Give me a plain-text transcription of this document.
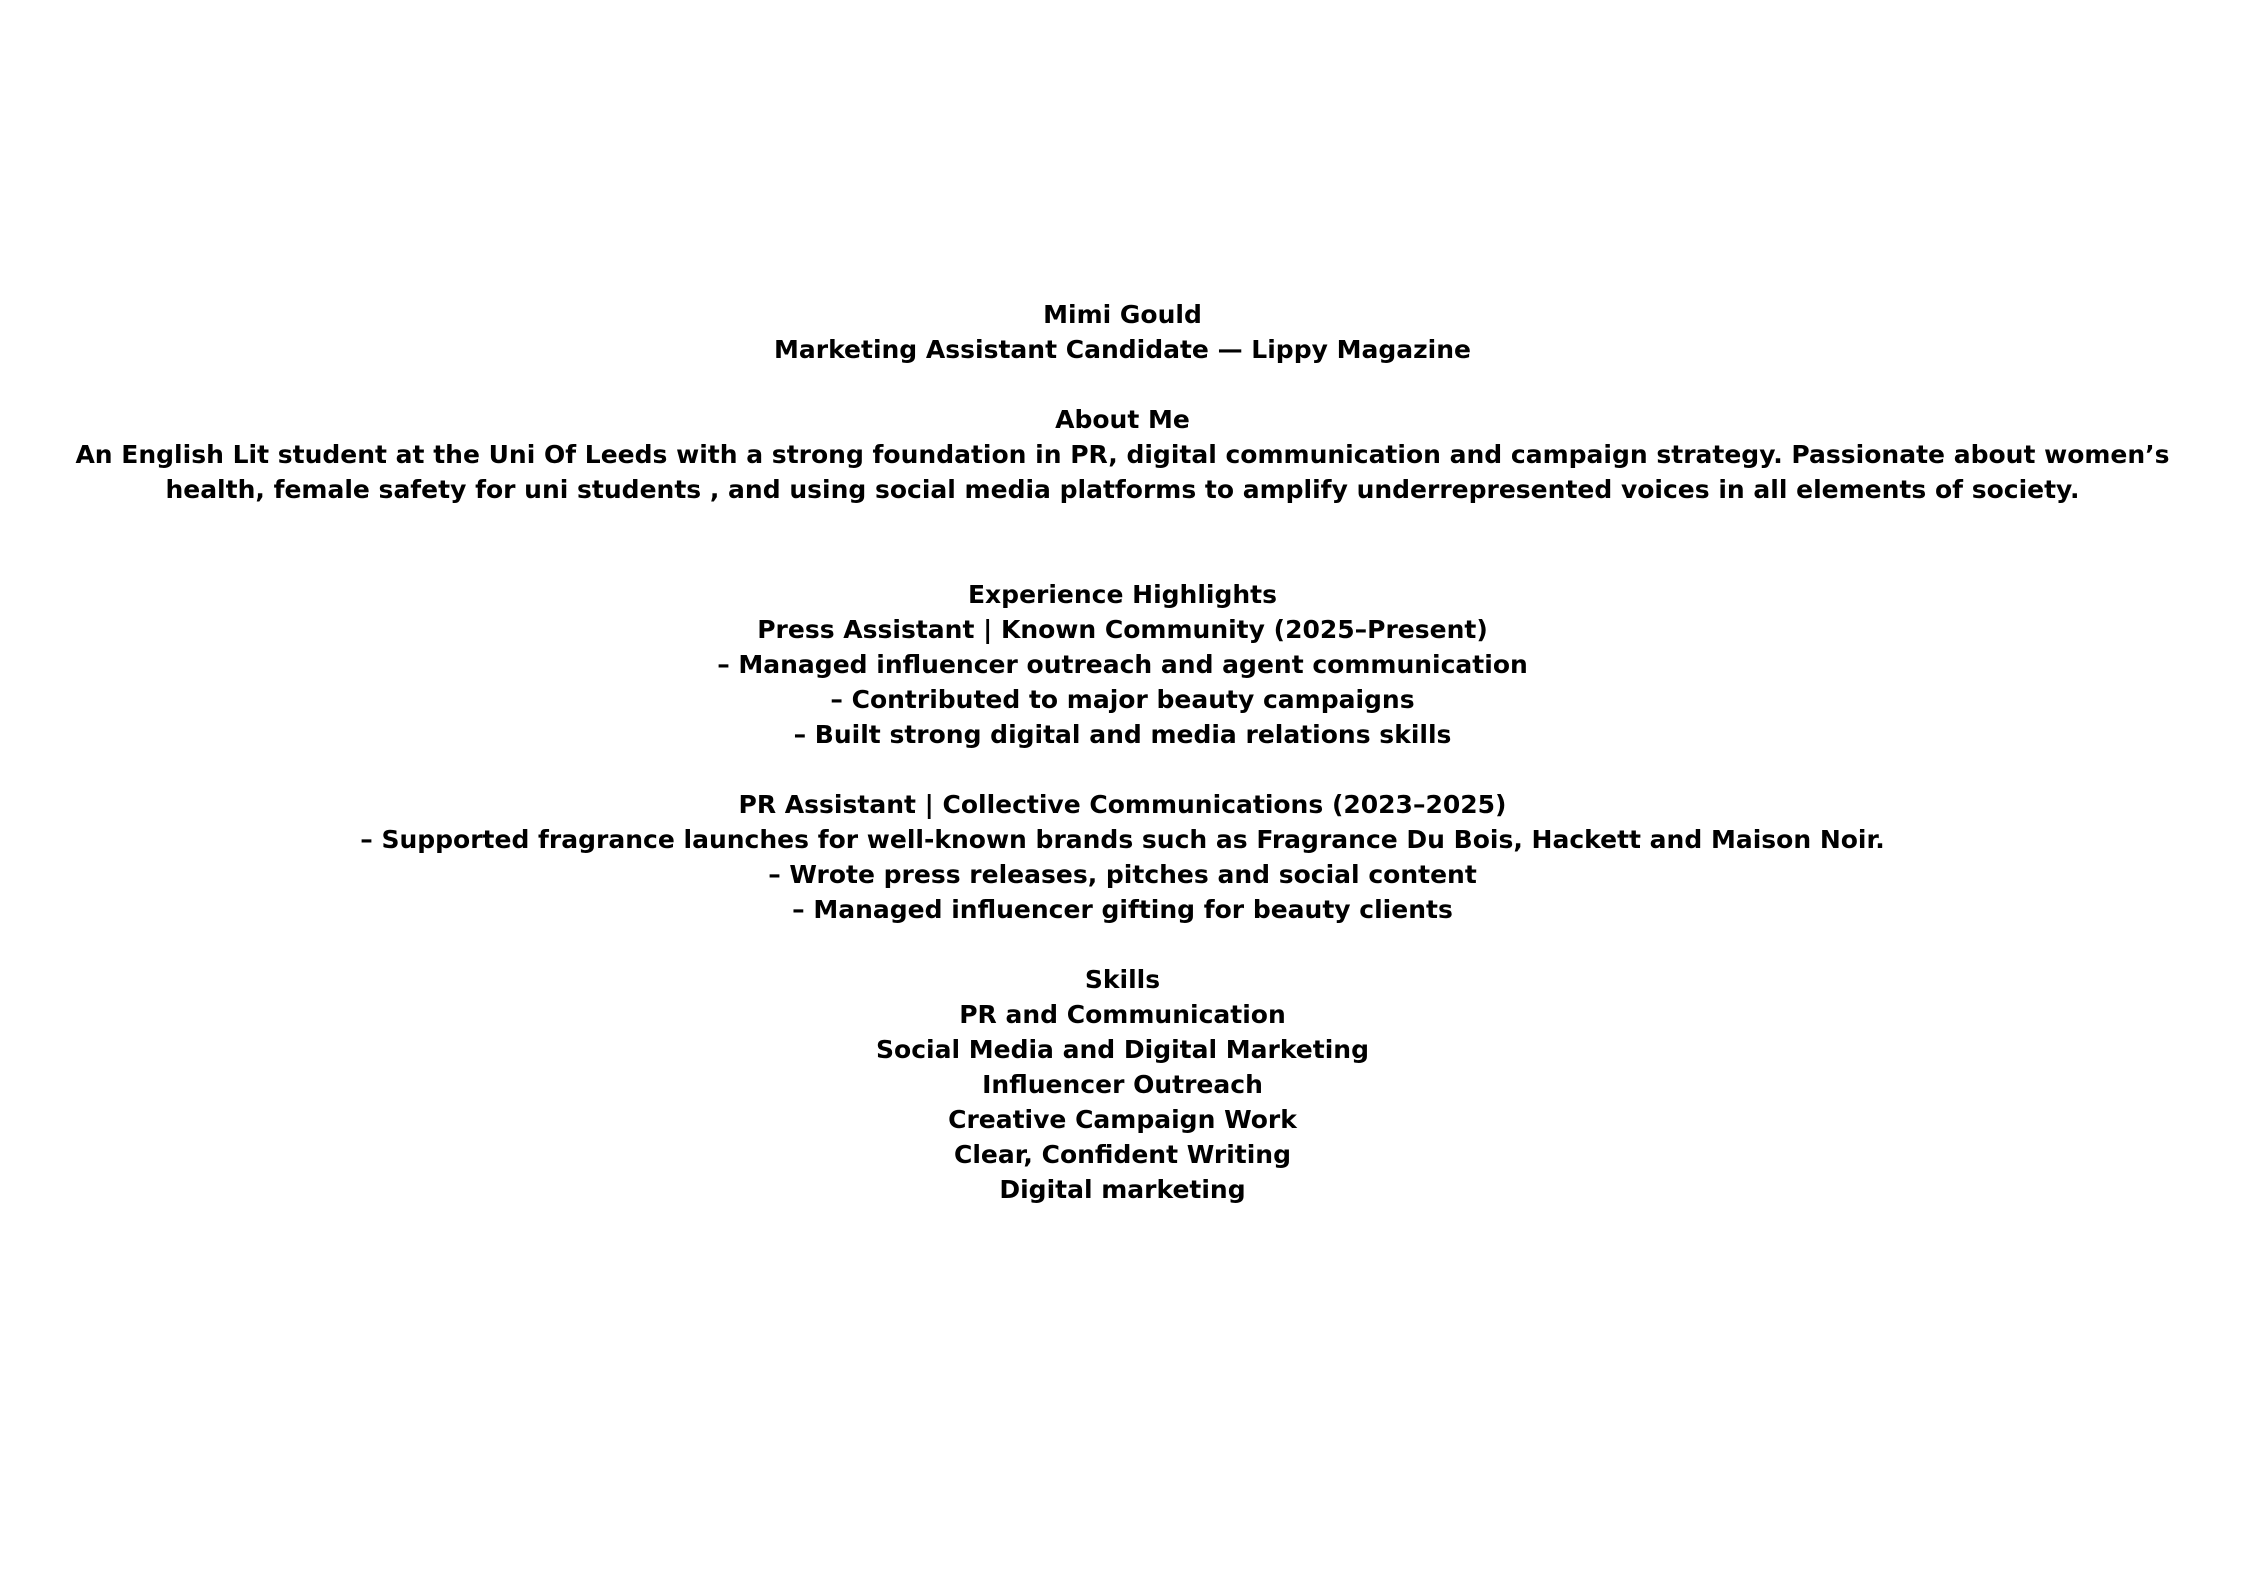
Mimi Gould
Marketing Assistant Candidate — Lippy Magazine
About Me
An English Lit student at the Uni Of Leeds with a strong foundation in PR, digital communication and campaign strategy. Passionate about women’s health, female safety for uni students , and using social media platforms to amplify underrepresented voices in all elements of society.
Experience Highlights
Press Assistant | Known Community (2025–Present)
– Managed influencer outreach and agent communication
– Contributed to major beauty campaigns
– Built strong digital and media relations skills
PR Assistant | Collective Communications (2023–2025)
– Supported fragrance launches for well-known brands such as Fragrance Du Bois, Hackett and Maison Noir.
– Wrote press releases, pitches and social content
– Managed influencer gifting for beauty clients
Skills
PR and Communication
Social Media and Digital Marketing
Influencer Outreach
Creative Campaign Work
Clear, Confident Writing
Digital marketing
